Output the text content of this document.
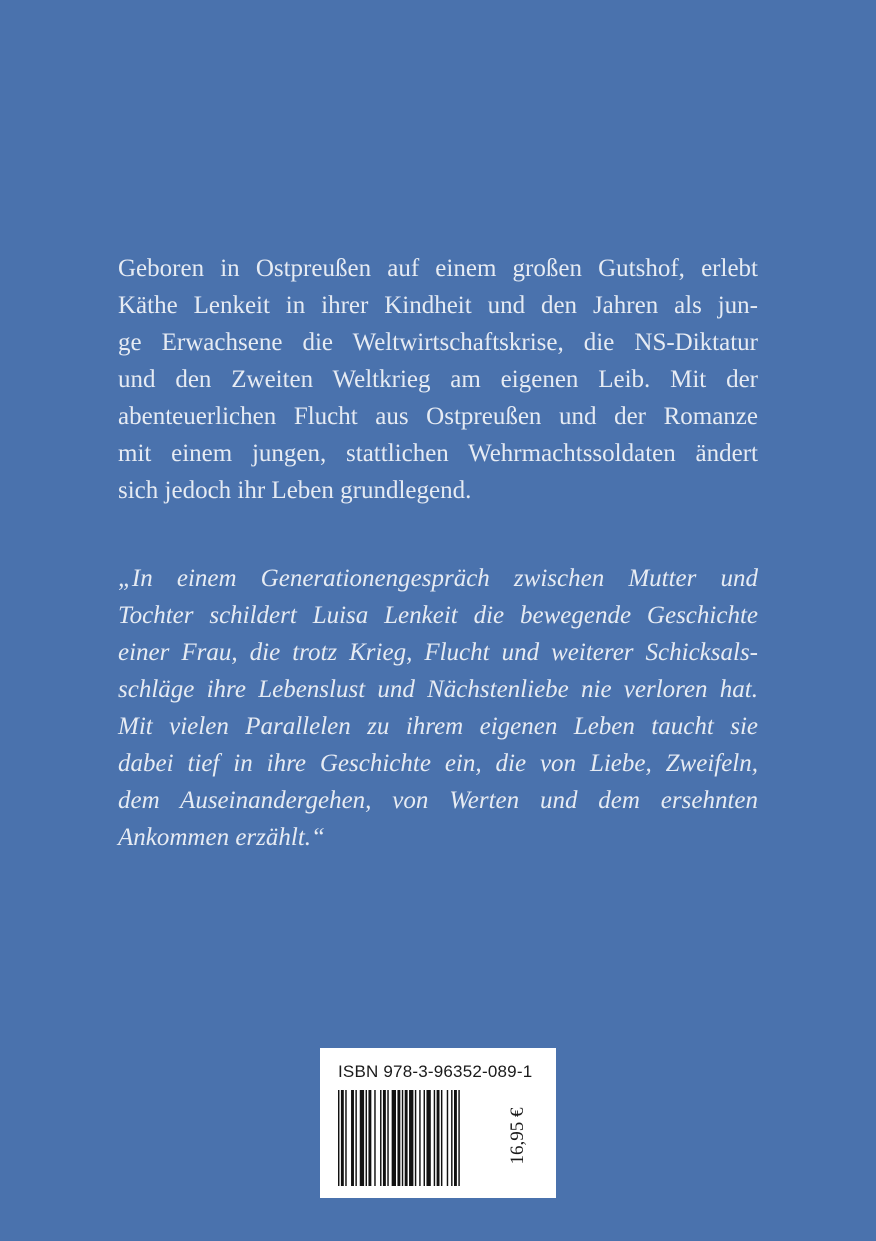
Geboren in Ostpreußen auf einem großen Gutshof, erlebt
Käthe Lenkeit in ihrer Kindheit und den Jahren als jun-
ge Erwachsene die Weltwirtschaftskrise, die NS-Diktatur
und den Zweiten Weltkrieg am eigenen Leib. Mit der
abenteuerlichen Flucht aus Ostpreußen und der Romanze
mit einem jungen, stattlichen Wehrmachtssoldaten ändert
sich jedoch ihr Leben grundlegend.
„In einem Generationengespräch zwischen Mutter und
Tochter schildert Luisa Lenkeit die bewegende Geschichte
einer Frau, die trotz Krieg, Flucht und weiterer Schicksals-
schläge ihre Lebenslust und Nächstenliebe nie verloren hat.
Mit vielen Parallelen zu ihrem eigenen Leben taucht sie
dabei tief in ihre Geschichte ein, die von Liebe, Zweifeln,
dem Auseinandergehen, von Werten und dem ersehnten
Ankommen erzählt.“
ISBN 978-3-96352-089-1
16,95 €
